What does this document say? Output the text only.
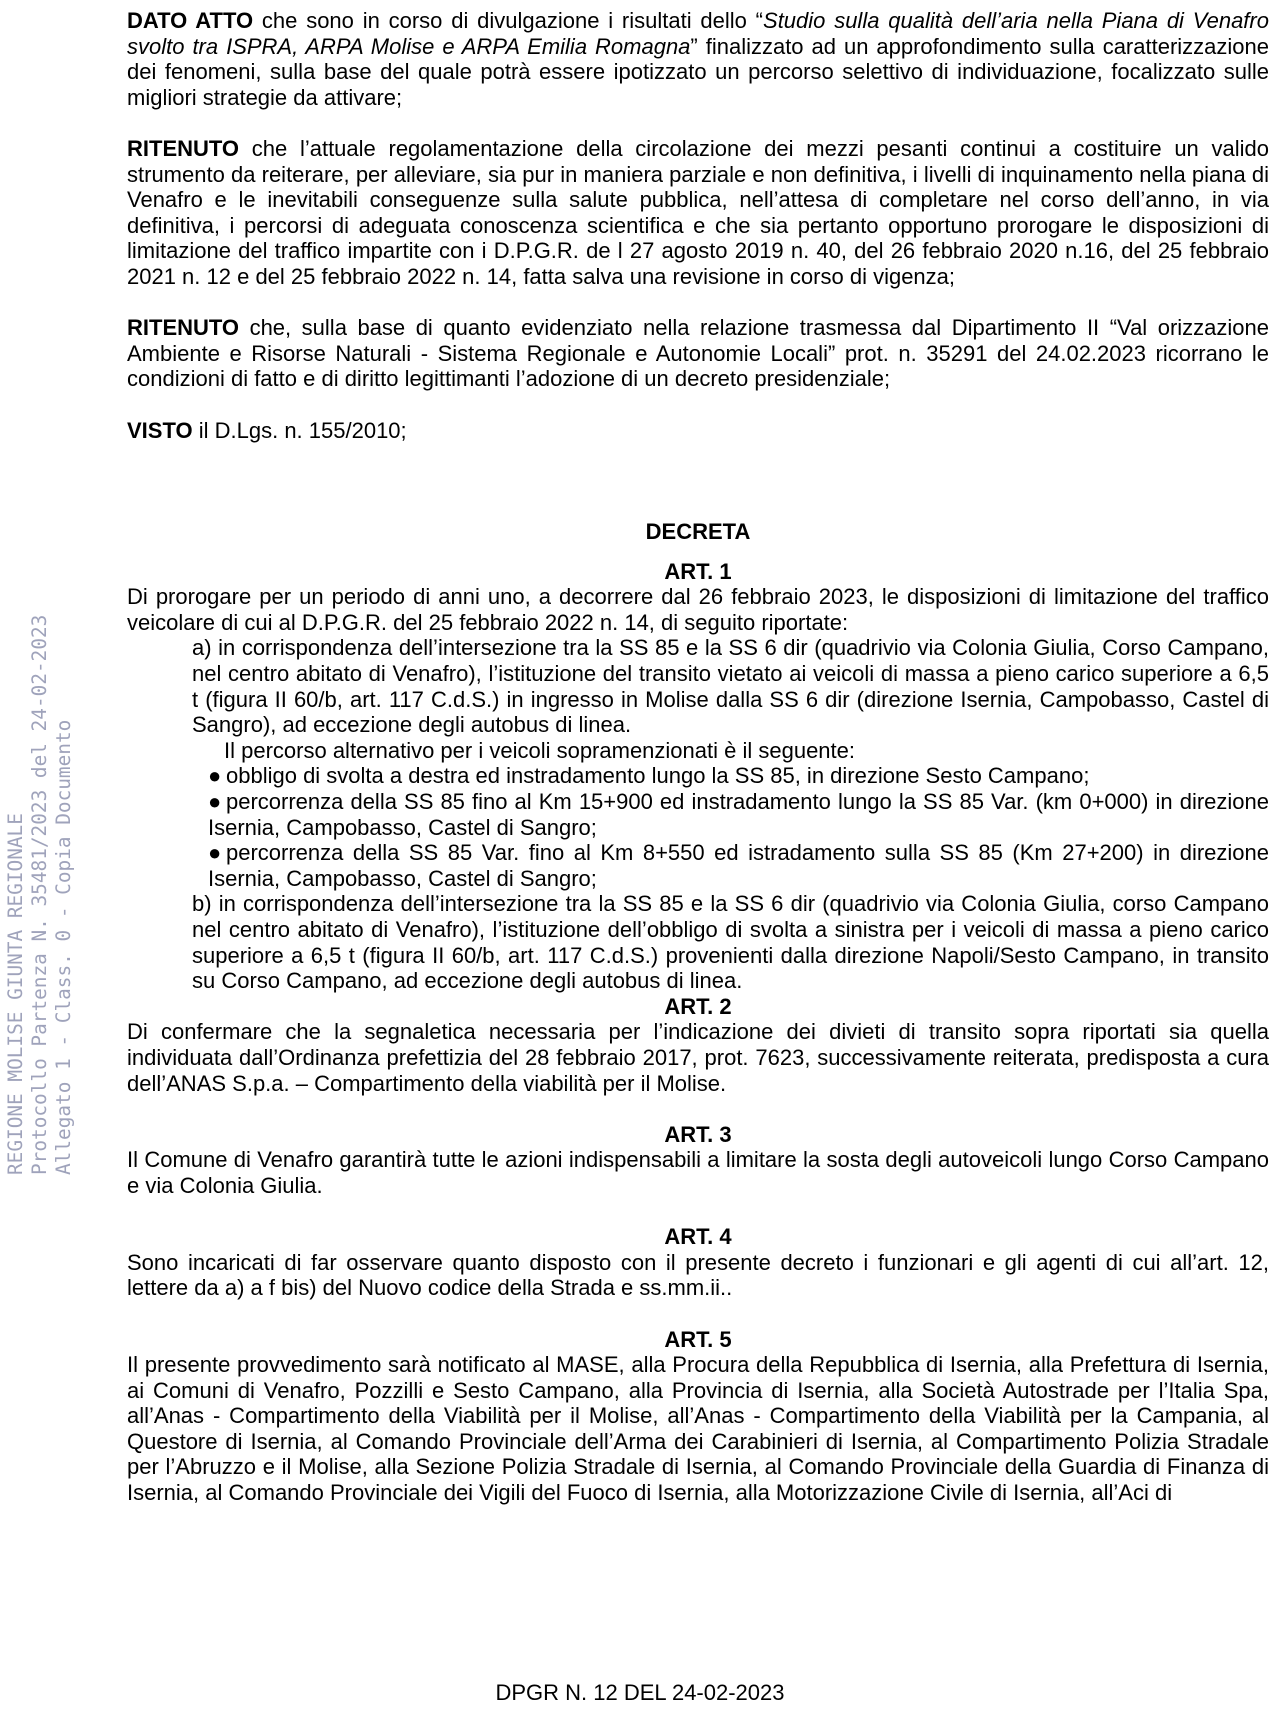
REGIONE MOLISE GIUNTA REGIONALE Protocollo Partenza N. 35481/2023 del 24-02-2023 Allegato 1 - Class. 0 - Copia Documento

DATO ATTO che sono in corso di divulgazione i risultati dello “Studio sulla qualità dell’aria nella Piana di Venafro svolto tra ISPRA, ARPA Molise e ARPA Emilia Romagna” finalizzato ad un approfondimento sulla caratterizzazione dei fenomeni, sulla base del quale potrà essere ipotizzato un percorso selettivo di individuazione, focalizzato sulle migliori strategie da attivare;

RITENUTO che l’attuale regolamentazione della circolazione dei mezzi pesanti continui a costituire un valido strumento da reiterare, per alleviare, sia pur in maniera parziale e non definitiva, i livelli di inquinamento nella piana di Venafro e le inevitabili conseguenze sulla salute pubblica, nell’attesa di completare nel corso dell’anno, in via definitiva, i percorsi di adeguata conoscenza scientifica e che sia pertanto opportuno prorogare le disposizioni di limitazione del traffico impartite con i D.P.G.R. de l 27 agosto 2019 n. 40, del 26 febbraio 2020 n.16, del 25 febbraio 2021 n. 12 e del 25 febbraio 2022 n. 14, fatta salva una revisione in corso di vigenza;

RITENUTO che, sulla base di quanto evidenziato nella relazione trasmessa dal Dipartimento II “Val orizzazione Ambiente e Risorse Naturali - Sistema Regionale e Autonomie Locali” prot. n. 35291 del 24.02.2023 ricorrano le condizioni di fatto e di diritto legittimanti l’adozione di un decreto presidenziale;

VISTO il D.Lgs. n. 155/2010;

DECRETA

ART. 1

Di prorogare per un periodo di anni uno, a decorrere dal 26 febbraio 2023, le disposizioni di limitazione del traffico veicolare di cui al D.P.G.R. del 25 febbraio 2022 n. 14, di seguito riportate:

a) in corrispondenza dell’intersezione tra la SS 85 e la SS 6 dir (quadrivio via Colonia Giulia, Corso Campano, nel centro abitato di Venafro), l’istituzione del transito vietato ai veicoli di massa a pieno carico superiore a 6,5 t (figura II 60/b, art. 117 C.d.S.) in ingresso in Molise dalla SS 6 dir (direzione Isernia, Campobasso, Castel di Sangro), ad eccezione degli autobus di linea.

Il percorso alternativo per i veicoli sopramenzionati è il seguente:

● obbligo di svolta a destra ed instradamento lungo la SS 85, in direzione Sesto Campano;

● percorrenza della SS 85 fino al Km 15+900 ed instradamento lungo la SS 85 Var. (km 0+000) in direzione Isernia, Campobasso, Castel di Sangro;

● percorrenza della SS 85 Var. fino al Km 8+550 ed istradamento sulla SS 85 (Km 27+200) in direzione Isernia, Campobasso, Castel di Sangro;

b) in corrispondenza dell’intersezione tra la SS 85 e la SS 6 dir (quadrivio via Colonia Giulia, corso Campano nel centro abitato di Venafro), l’istituzione dell’obbligo di svolta a sinistra per i veicoli di massa a pieno carico superiore a 6,5 t (figura II 60/b, art. 117 C.d.S.) provenienti dalla direzione Napoli/Sesto Campano, in transito su Corso Campano, ad eccezione degli autobus di linea.

ART. 2

Di confermare che la segnaletica necessaria per l’indicazione dei divieti di transito sopra riportati sia quella individuata dall’Ordinanza prefettizia del 28 febbraio 2017, prot. 7623, successivamente reiterata, predisposta a cura dell’ANAS S.p.a. – Compartimento della viabilità per il Molise.

ART. 3

Il Comune di Venafro garantirà tutte le azioni indispensabili a limitare la sosta degli autoveicoli lungo Corso Campano e via Colonia Giulia.

ART. 4

Sono incaricati di far osservare quanto disposto con il presente decreto i funzionari e gli agenti di cui all’art. 12, lettere da a) a f bis) del Nuovo codice della Strada e ss.mm.ii..

ART. 5

Il presente provvedimento sarà notificato al MASE, alla Procura della Repubblica di Isernia, alla Prefettura di Isernia, ai Comuni di Venafro, Pozzilli e Sesto Campano, alla Provincia di Isernia, alla Società Autostrade per l’Italia Spa, all’Anas - Compartimento della Viabilità per il Molise, all’Anas - Compartimento della Viabilità per la Campania, al Questore di Isernia, al Comando Provinciale dell’Arma dei Carabinieri di Isernia, al Compartimento Polizia Stradale per l’Abruzzo e il Molise, alla Sezione Polizia Stradale di Isernia, al Comando Provinciale della Guardia di Finanza di Isernia, al Comando Provinciale dei Vigili del Fuoco di Isernia, alla Motorizzazione Civile di Isernia, all’Aci di

DPGR N. 12 DEL 24-02-2023
